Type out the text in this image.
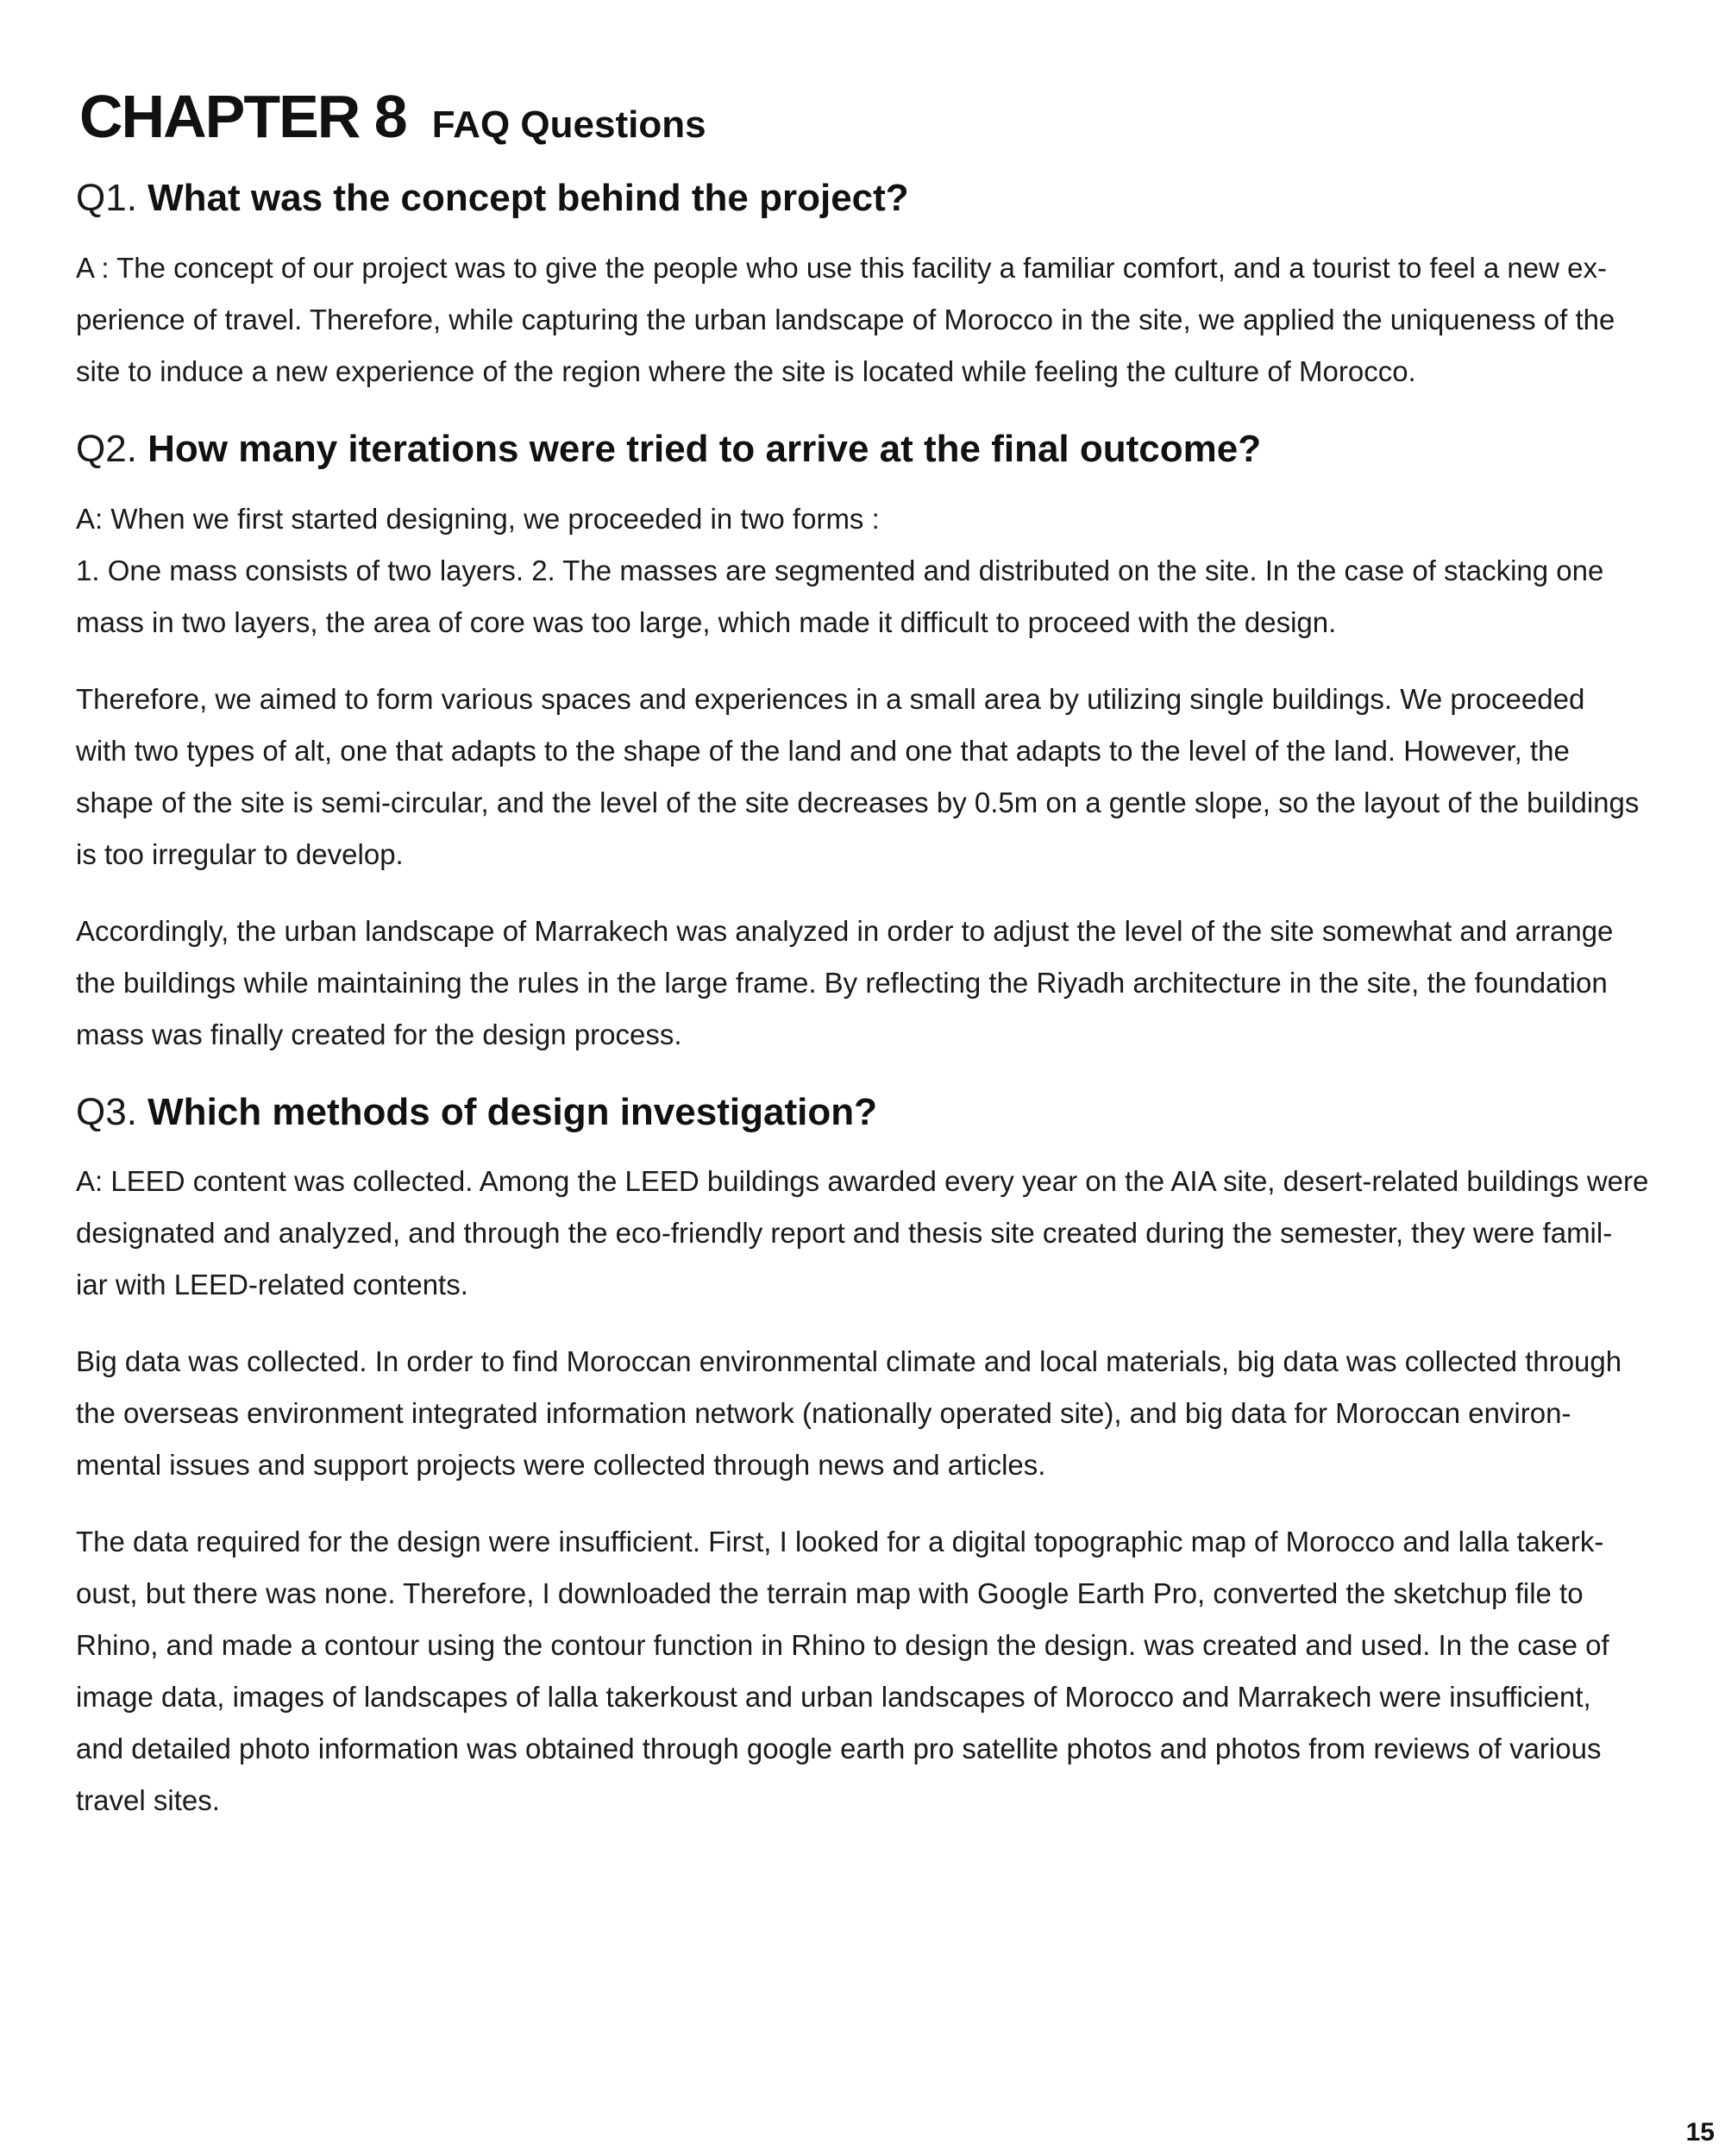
CHAPTER 8 FAQ Questions
Q1. What was the concept behind the project?

A : The concept of our project was to give the people who use this facility a familiar comfort, and a tourist to feel a new ex-
perience of travel. Therefore, while capturing the urban landscape of Morocco in the site, we applied the uniqueness of the
site to induce a new experience of the region where the site is located while feeling the culture of Morocco.

Q2. How many iterations were tried to arrive at the final outcome?

A: When we first started designing, we proceeded in two forms :
1. One mass consists of two layers. 2. The masses are segmented and distributed on the site. In the case of stacking one
mass in two layers, the area of core was too large, which made it difficult to proceed with the design.

Therefore, we aimed to form various spaces and experiences in a small area by utilizing single buildings. We proceeded
with two types of alt, one that adapts to the shape of the land and one that adapts to the level of the land. However, the
shape of the site is semi-circular, and the level of the site decreases by 0.5m on a gentle slope, so the layout of the buildings
is too irregular to develop.

Accordingly, the urban landscape of Marrakech was analyzed in order to adjust the level of the site somewhat and arrange
the buildings while maintaining the rules in the large frame. By reflecting the Riyadh architecture in the site, the foundation
mass was finally created for the design process.

Q3. Which methods of design investigation?

A: LEED content was collected. Among the LEED buildings awarded every year on the AIA site, desert-related buildings were
designated and analyzed, and through the eco-friendly report and thesis site created during the semester, they were famil-
iar with LEED-related contents.

Big data was collected. In order to find Moroccan environmental climate and local materials, big data was collected through
the overseas environment integrated information network (nationally operated site), and big data for Moroccan environ-
mental issues and support projects were collected through news and articles.

The data required for the design were insufficient. First, I looked for a digital topographic map of Morocco and lalla takerk-
oust, but there was none. Therefore, I downloaded the terrain map with Google Earth Pro, converted the sketchup file to
Rhino, and made a contour using the contour function in Rhino to design the design. was created and used. In the case of
image data, images of landscapes of lalla takerkoust and urban landscapes of Morocco and Marrakech were insufficient,
and detailed photo information was obtained through google earth pro satellite photos and photos from reviews of various
travel sites.

15
